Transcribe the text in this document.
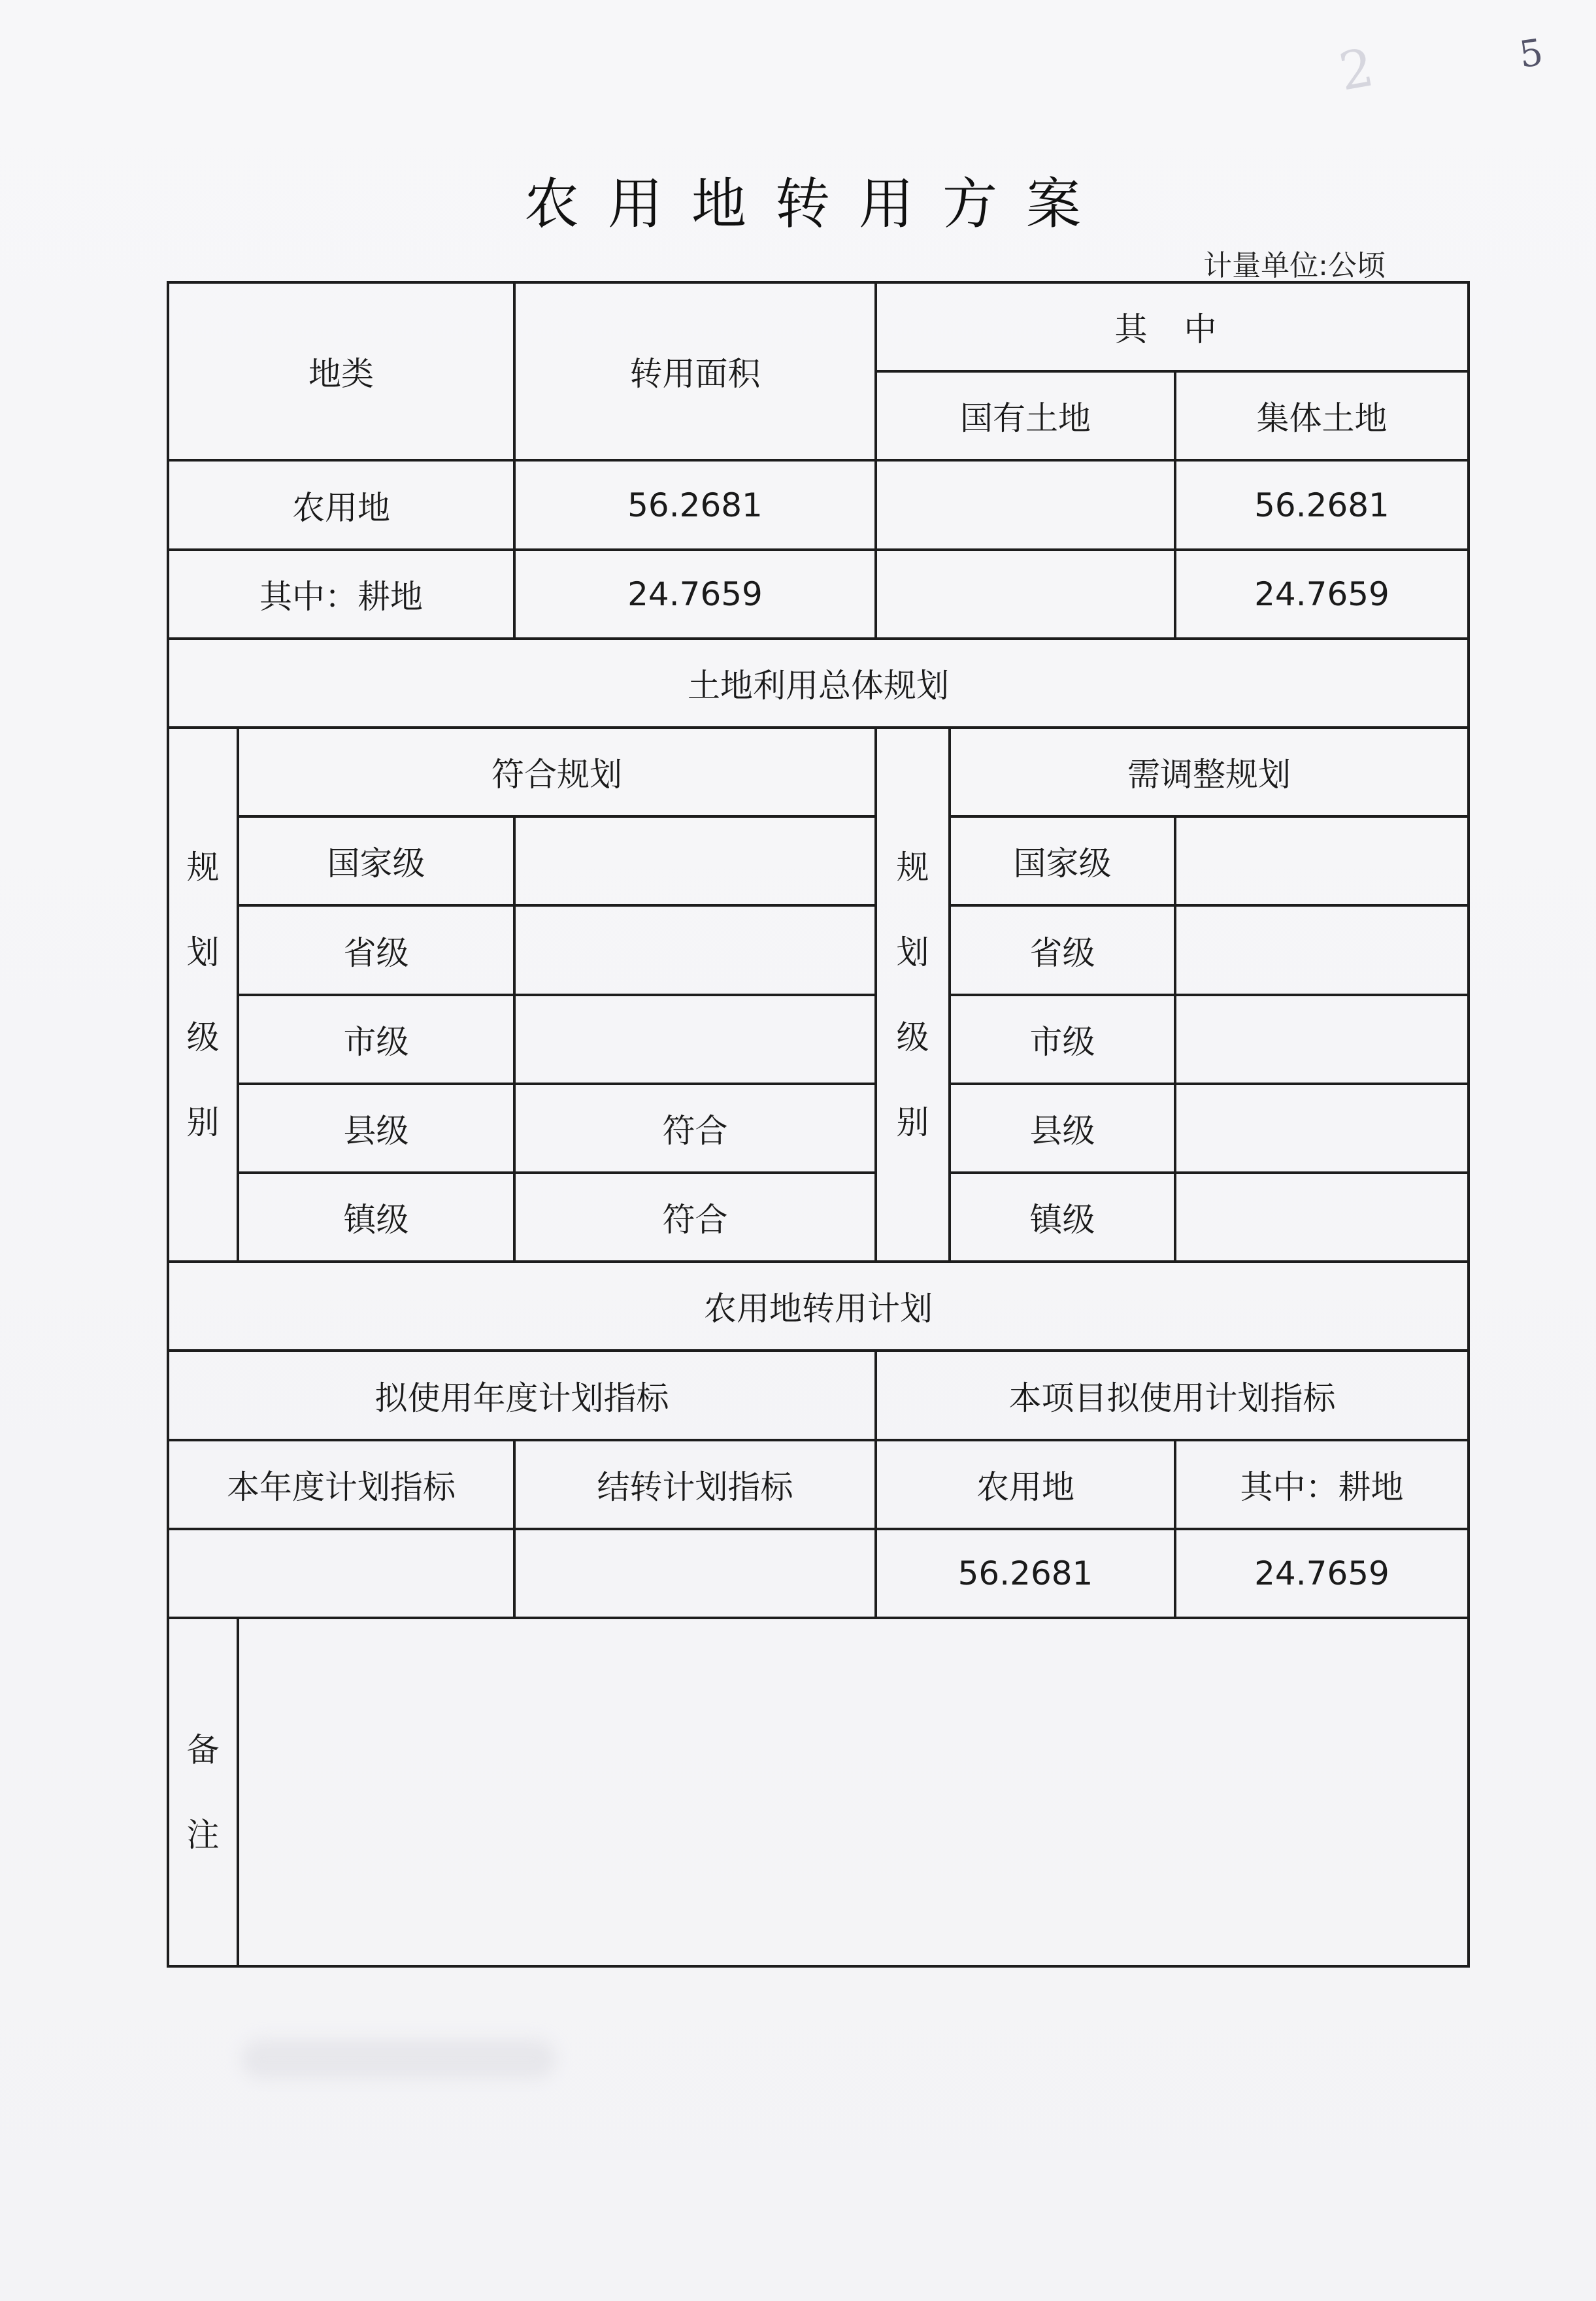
2	5
农用地转用方案
计量单位:公顷
地类		转用面积	其 中		
			国有土地		集体土地
农用地		56.2681			56.2681
其中：耕地		24.7659			24.7659
土地利用总体规划					
规划级别	符合规划		规划级别	需调整规划	
	国家级			国家级	
	省级			省级	
	市级			市级	
	县级	符合		县级	
	镇级	符合		镇级	
农用地转用计划					
拟使用年度计划指标			本项目拟使用计划指标		
本年度计划指标		结转计划指标	农用地		其中：耕地
			56.2681		24.7659
备注					
